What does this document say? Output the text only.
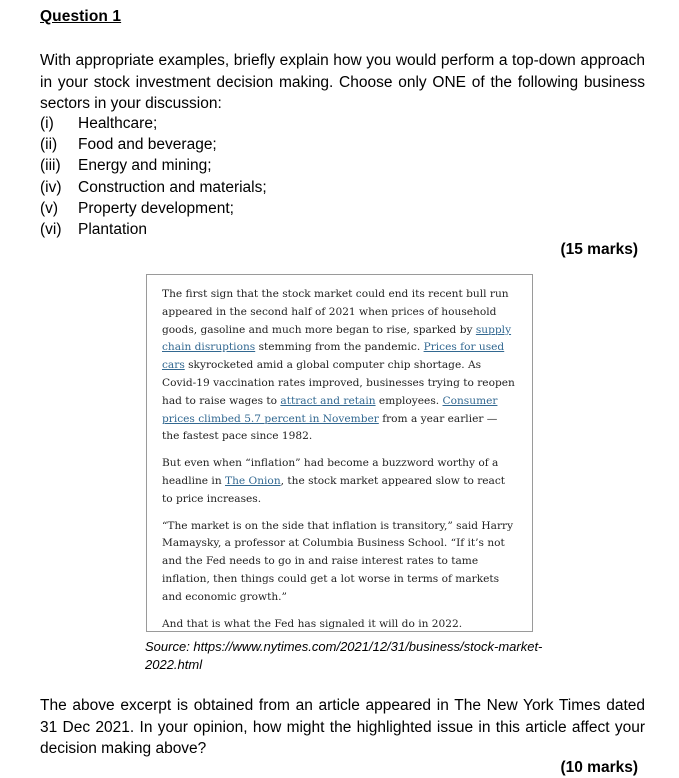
Question 1

With appropriate examples, briefly explain how you would perform a top-down approach in your stock investment decision making. Choose only ONE of the following business sectors in your discussion:

(i)	Healthcare;
(ii)	Food and beverage;
(iii)	Energy and mining;
(iv)	Construction and materials;
(v)	Property development;
(vi)	Plantation
(15 marks)

The first sign that the stock market could end its recent bull run appeared in the second half of 2021 when prices of household goods, gasoline and much more began to rise, sparked by supply chain disruptions stemming from the pandemic. Prices for used cars skyrocketed amid a global computer chip shortage. As Covid-19 vaccination rates improved, businesses trying to reopen had to raise wages to attract and retain employees. Consumer prices climbed 5.7 percent in November from a year earlier — the fastest pace since 1982.

But even when “inflation” had become a buzzword worthy of a headline in The Onion, the stock market appeared slow to react to price increases.

“The market is on the side that inflation is transitory,” said Harry Mamaysky, a professor at Columbia Business School. “If it’s not and the Fed needs to go in and raise interest rates to tame inflation, then things could get a lot worse in terms of markets and economic growth.”

And that is what the Fed has signaled it will do in 2022.

Source: https://www.nytimes.com/2021/12/31/business/stock-market-2022.html

The above excerpt is obtained from an article appeared in The New York Times dated 31 Dec 2021. In your opinion, how might the highlighted issue in this article affect your decision making above?

(10 marks)
